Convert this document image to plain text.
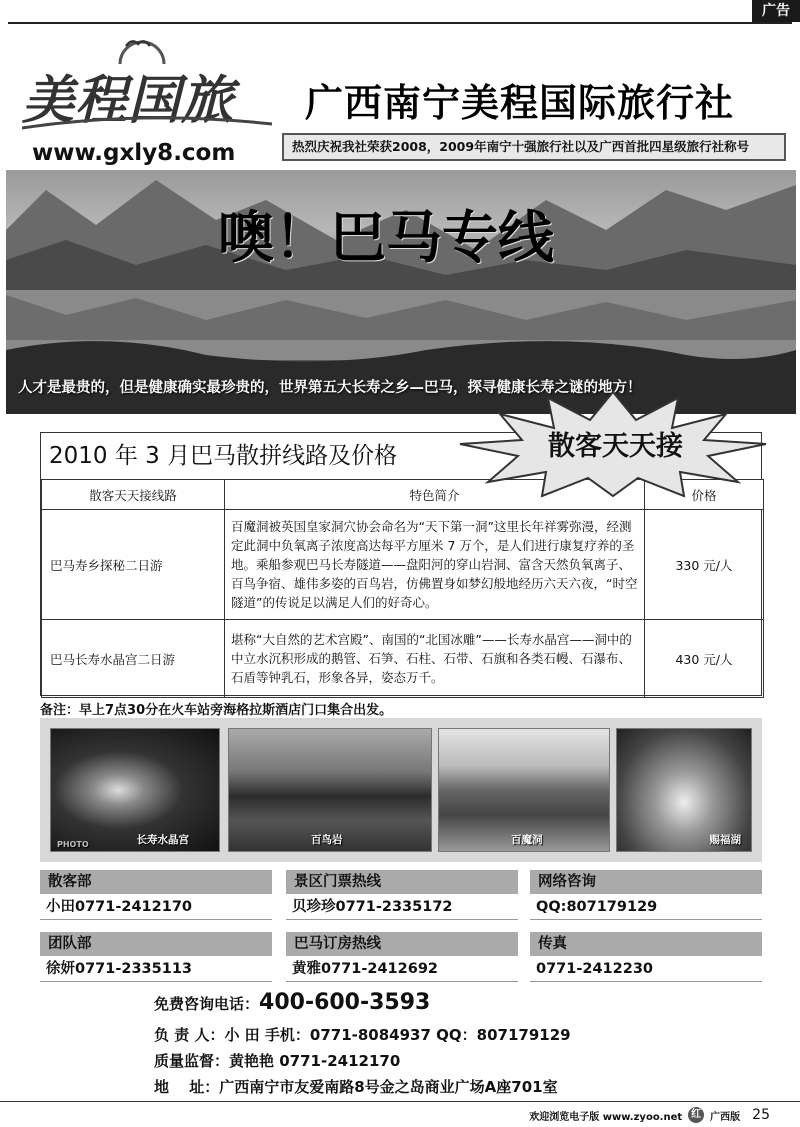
广告
美程国旅
www.gxly8.com
广西南宁美程国际旅行社
热烈庆祝我社荣获2008，2009年南宁十强旅行社以及广西首批四星级旅行社称号
噢！巴马专线
人才是最贵的，但是健康确实最珍贵的，世界第五大长寿之乡—巴马，探寻健康长寿之谜的地方！
2010 年 3 月巴马散拼线路及价格
散客天天接线路	特色简介	价格
巴马寿乡探秘二日游	百魔洞被英国皇家洞穴协会命名为“天下第一洞”这里长年祥雾弥漫，经测定此洞中负氧离子浓度高达每平方厘米 7 万个，是人们进行康复疗养的圣地。乘船参观巴马长寿隧道——盘阳河的穿山岩洞、富含天然负氧离子、百鸟争宿、雄伟多姿的百鸟岩，仿佛置身如梦幻般地经历六天六夜，“时空隧道”的传说足以满足人们的好奇心。	330 元/人
巴马长寿水晶宫二日游	堪称“大自然的艺术宫殿”、南国的“北国冰雕”——长寿水晶宫——洞中的中立水沉积形成的鹅管、石笋、石柱、石带、石旗和各类石幔、石瀑布、石盾等钟乳石，形象各异，姿态万千。	430 元/人
散客天天接
备注：早上7点30分在火车站旁海格拉斯酒店门口集合出发。
PHOTO	长寿水晶宫	百鸟岩	百魔洞	赐福湖
散客部
小田0771-2412170
景区门票热线
贝珍珍0771-2335172
网络咨询
QQ:807179129
团队部
徐妍0771-2335113
巴马订房热线
黄雅0771-2412692
传真
0771-2412230
免费咨询电话：400-600-3593
负 责 人：小 田 手机：0771-8084937 QQ：807179129
质量监督：黄艳艳 0771-2412170
地　 址：广西南宁市友爱南路8号金之岛商业广场A座701室
欢迎浏览电子版 www.zyoo.net 红 广西版 25
